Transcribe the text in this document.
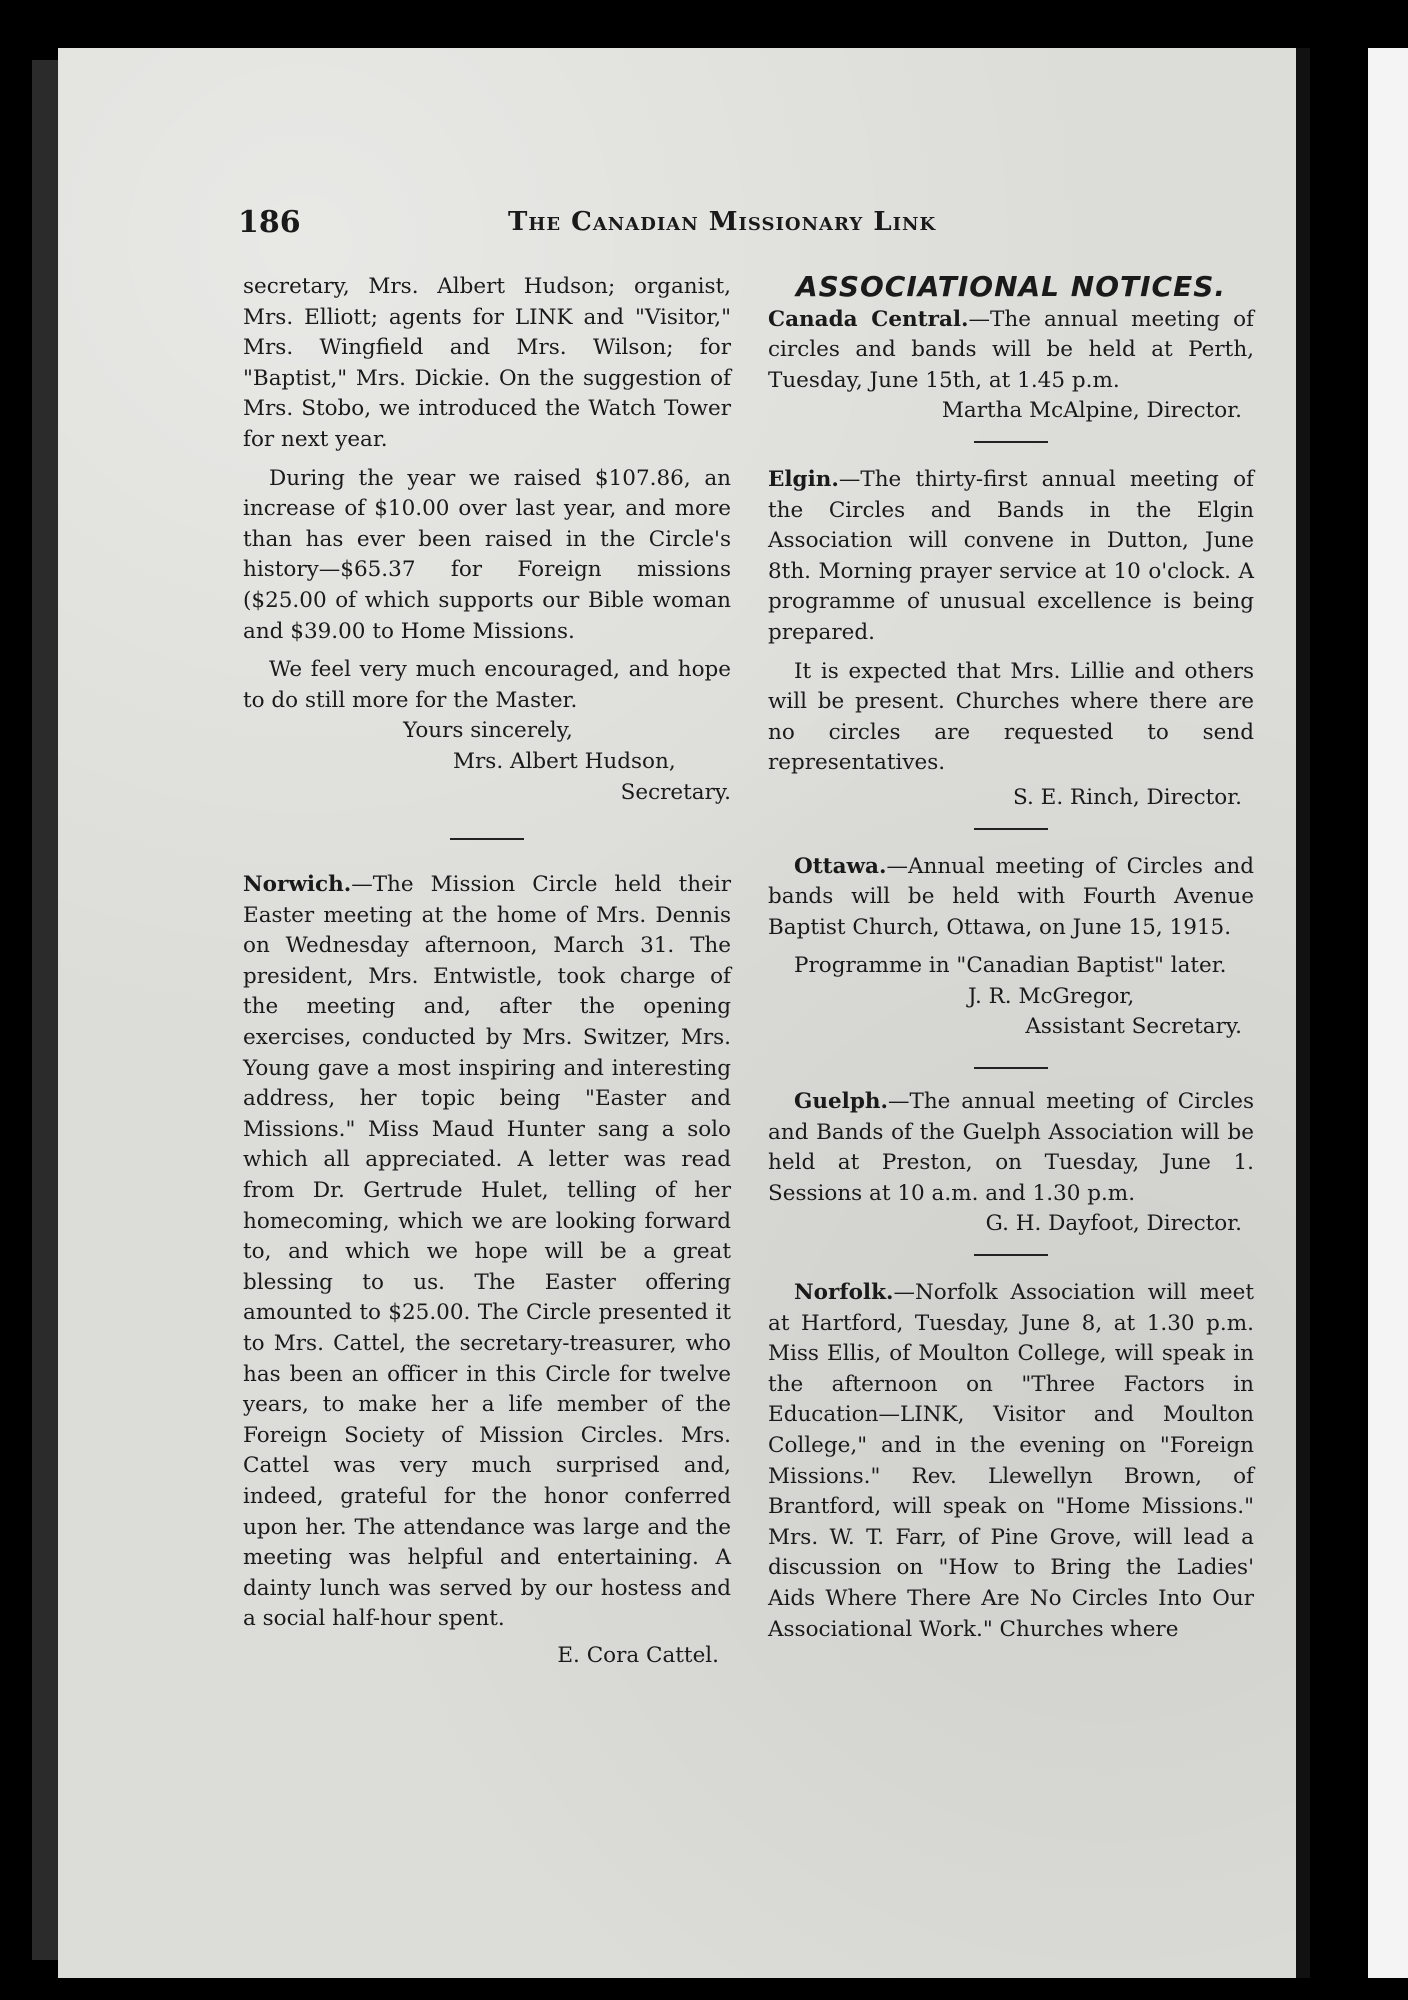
186	The Canadian Missionary Link

secretary, Mrs. Albert Hudson; organist, Mrs. Elliott; agents for LINK and "Visitor," Mrs. Wingfield and Mrs. Wilson; for "Baptist," Mrs. Dickie. On the suggestion of Mrs. Stobo, we introduced the Watch Tower for next year.

During the year we raised $107.86, an increase of $10.00 over last year, and more than has ever been raised in the Circle's history—$65.37 for Foreign missions ($25.00 of which supports our Bible woman and $39.00 to Home Missions.

We feel very much encouraged, and hope to do still more for the Master.

Yours sincerely,

Mrs. Albert Hudson,

Secretary.

Norwich.—The Mission Circle held their Easter meeting at the home of Mrs. Dennis on Wednesday afternoon, March 31. The president, Mrs. Entwistle, took charge of the meeting and, after the opening exercises, conducted by Mrs. Switzer, Mrs. Young gave a most inspiring and interesting address, her topic being "Easter and Missions." Miss Maud Hunter sang a solo which all appreciated. A letter was read from Dr. Gertrude Hulet, telling of her homecoming, which we are looking forward to, and which we hope will be a great blessing to us. The Easter offering amounted to $25.00. The Circle presented it to Mrs. Cattel, the secretary-treasurer, who has been an officer in this Circle for twelve years, to make her a life member of the Foreign Society of Mission Circles. Mrs. Cattel was very much surprised and, indeed, grateful for the honor conferred upon her. The attendance was large and the meeting was helpful and entertaining. A dainty lunch was served by our hostess and a social half-hour spent.

E. Cora Cattel.

ASSOCIATIONAL NOTICES.

Canada Central.—The annual meeting of circles and bands will be held at Perth, Tuesday, June 15th, at 1.45 p.m.

Martha McAlpine, Director.

Elgin.—The thirty-first annual meeting of the Circles and Bands in the Elgin Association will convene in Dutton, June 8th. Morning prayer service at 10 o'clock. A programme of unusual excellence is being prepared.

It is expected that Mrs. Lillie and others will be present. Churches where there are no circles are requested to send representatives.

S. E. Rinch, Director.

Ottawa.—Annual meeting of Circles and bands will be held with Fourth Avenue Baptist Church, Ottawa, on June 15, 1915.

Programme in "Canadian Baptist" later.

J. R. McGregor,

Assistant Secretary.

Guelph.—The annual meeting of Circles and Bands of the Guelph Association will be held at Preston, on Tuesday, June 1. Sessions at 10 a.m. and 1.30 p.m.

G. H. Dayfoot, Director.

Norfolk.—Norfolk Association will meet at Hartford, Tuesday, June 8, at 1.30 p.m. Miss Ellis, of Moulton College, will speak in the afternoon on "Three Factors in Education—LINK, Visitor and Moulton College," and in the evening on "Foreign Missions." Rev. Llewellyn Brown, of Brantford, will speak on "Home Missions." Mrs. W. T. Farr, of Pine Grove, will lead a discussion on "How to Bring the Ladies' Aids Where There Are No Circles Into Our Associational Work." Churches where
